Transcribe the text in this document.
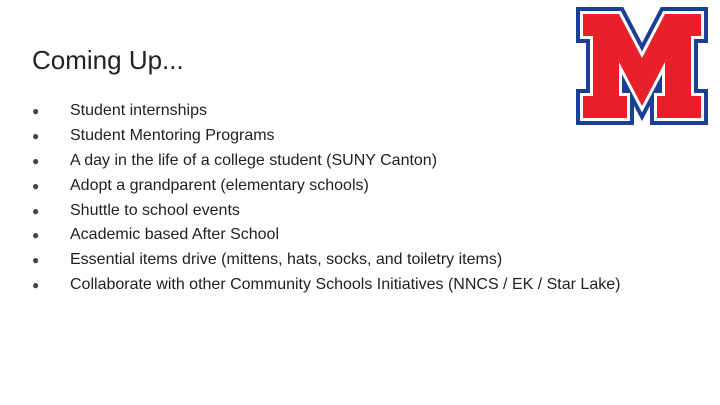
Coming Up...
●	Student internships
●	Student Mentoring Programs
●	A day in the life of a college student (SUNY Canton)
●	Adopt a grandparent (elementary schools)
●	Shuttle to school events
●	Academic based After School
●	Essential items drive (mittens, hats, socks, and toiletry items)
●	Collaborate with other Community Schools Initiatives (NNCS / EK / Star Lake)
